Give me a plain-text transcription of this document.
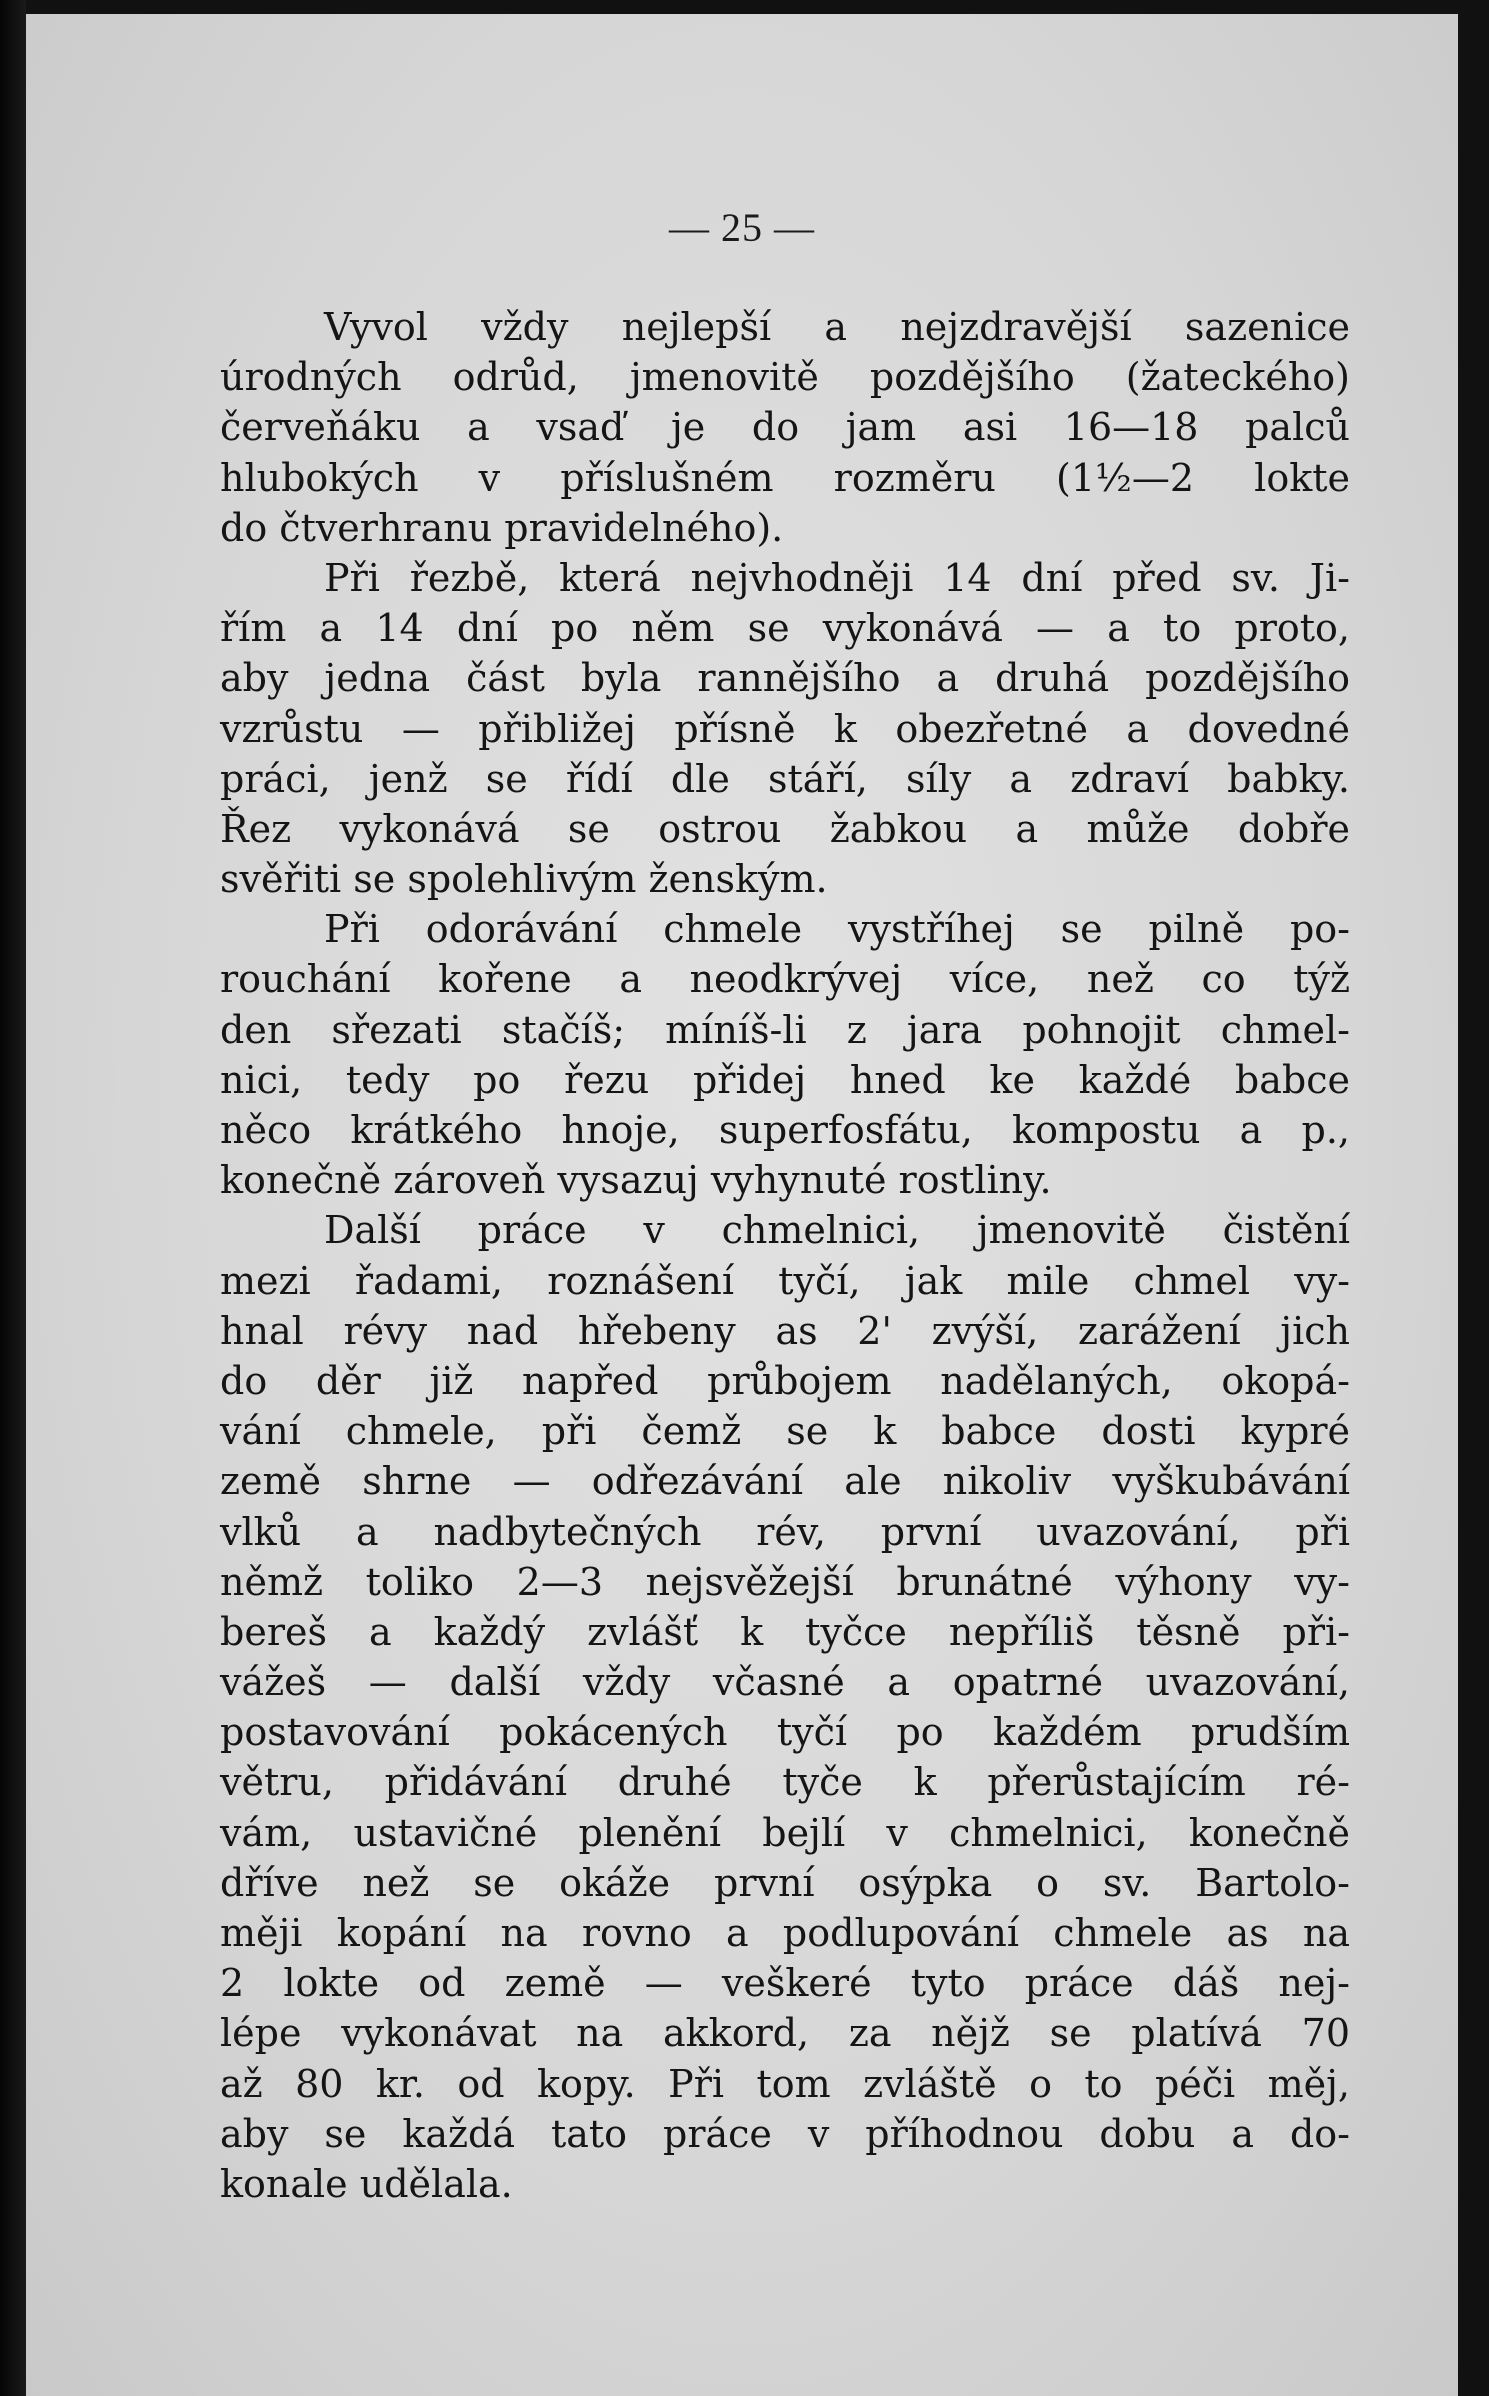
— 25 —
Vyvol vždy nejlepší a nejzdravější sazenice
úrodných odrůd, jmenovitě pozdějšího (žateckého)
červeňáku a vsaď je do jam asi 16—18 palců
hlubokých v příslušném rozměru (1½—2 lokte
do čtverhranu pravidelného).
Při řezbě, která nejvhodněji 14 dní před sv. Ji-
řím a 14 dní po něm se vykonává — a to proto,
aby jedna část byla rannějšího a druhá pozdějšího
vzrůstu — přibližej přísně k obezřetné a dovedné
práci, jenž se řídí dle stáří, síly a zdraví babky.
Řez vykonává se ostrou žabkou a může dobře
svěřiti se spolehlivým ženským.
Při odorávání chmele vystříhej se pilně po-
rouchání kořene a neodkrývej více, než co týž
den sřezati stačíš; míníš-li z jara pohnojit chmel-
nici, tedy po řezu přidej hned ke každé babce
něco krátkého hnoje, superfosfátu, kompostu a p.,
konečně zároveň vysazuj vyhynuté rostliny.
Další práce v chmelnici, jmenovitě čistění
mezi řadami, roznášení tyčí, jak mile chmel vy-
hnal révy nad hřebeny as 2' zvýší, zarážení jich
do děr již napřed průbojem nadělaných, okopá-
vání chmele, při čemž se k babce dosti kypré
země shrne — odřezávání ale nikoliv vyškubávání
vlků a nadbytečných rév, první uvazování, při
němž toliko 2—3 nejsvěžejší brunátné výhony vy-
bereš a každý zvlášť k tyčce nepříliš těsně při-
vážeš — další vždy včasné a opatrné uvazování,
postavování pokácených tyčí po každém prudším
větru, přidávání druhé tyče k přerůstajícím ré-
vám, ustavičné plenění bejlí v chmelnici, konečně
dříve než se okáže první osýpka o sv. Bartolo-
měji kopání na rovno a podlupování chmele as na
2 lokte od země — veškeré tyto práce dáš nej-
lépe vykonávat na akkord, za nějž se platívá 70
až 80 kr. od kopy. Při tom zvláště o to péči měj,
aby se každá tato práce v příhodnou dobu a do-
konale udělala.
